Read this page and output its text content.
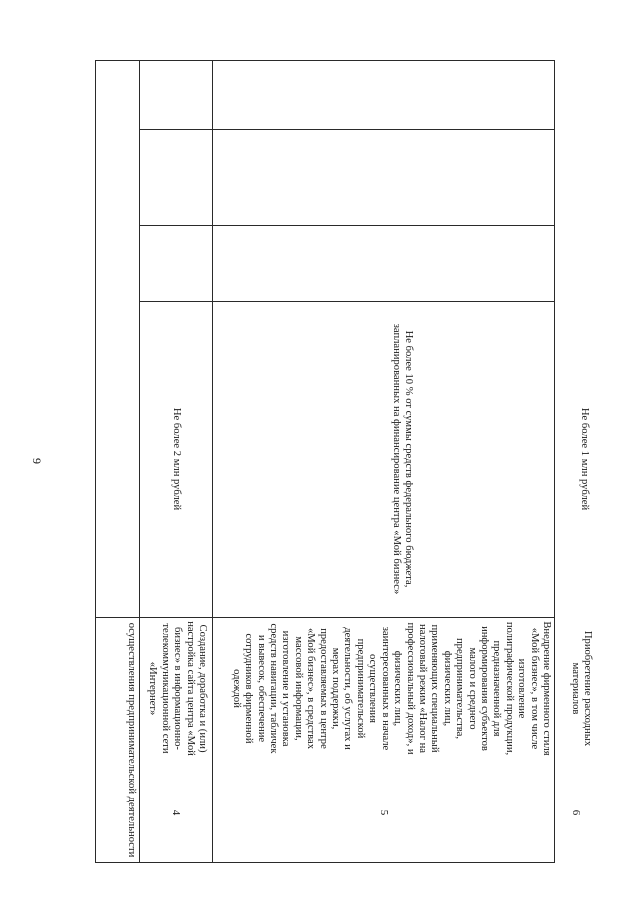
9
осуществления предпринимательской деятельности	4
Создание, доработка и (или) настройка сайта центра «Мой бизнес» в информационно-телекоммуникационной сети «Интернет»
Не более 2 млн рублей
5
Внедрение фирменного стиля «Мой бизнес», в том числе изготовление полиграфической продукции, предназначенной для информирования субъектов малого и среднего предпринимательства, физических лиц, применяющих специальный налоговый режим «Налог на профессиональный доход», и физических лиц, заинтересованных в начале осуществления предпринимательской деятельности, об услугах и мерах поддержки, предоставляемых в центре «Мой бизнес», в средствах массовой информации, изготовление и установка средств навигации, табличек и вывесок, обеспечение сотрудников фирменной одеждой
Не более 10 % от суммы средств федерального бюджета, запланированных на финансирование центра «Мой бизнес»
6
Приобретение расходных материалов
Не более 1 млн рублей
